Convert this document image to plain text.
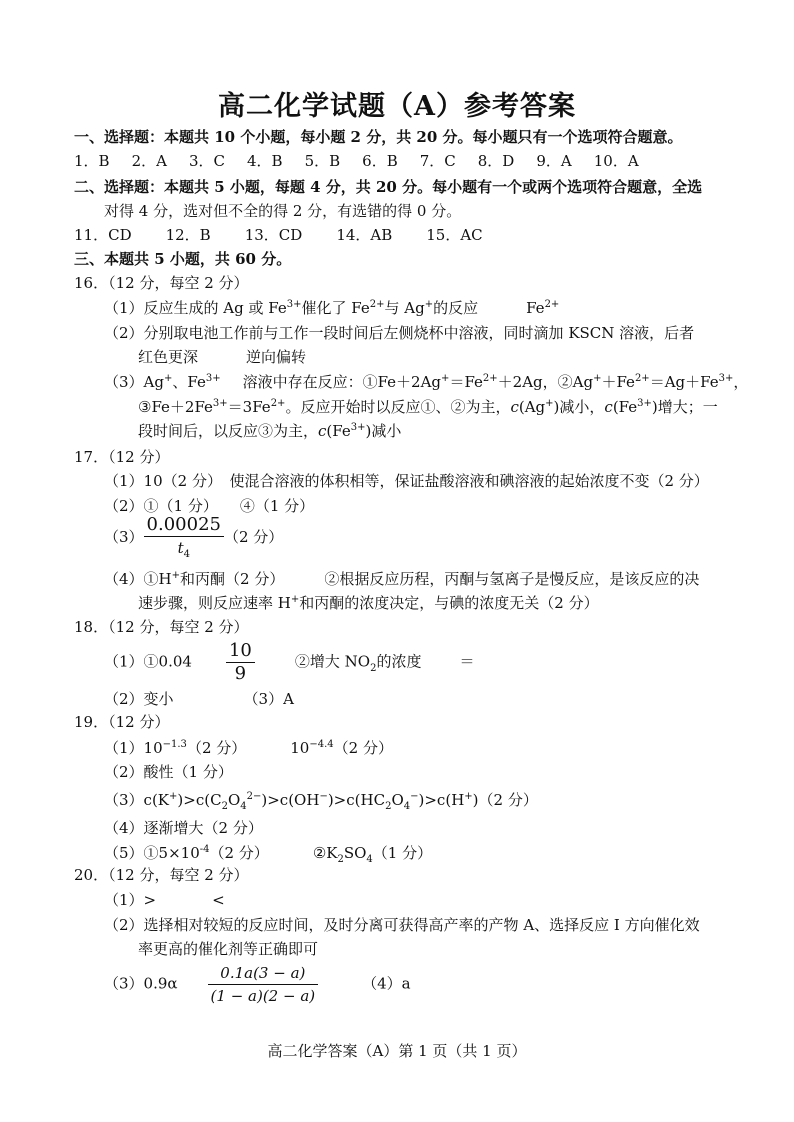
高二化学试题（A）参考答案
一、选择题：本题共 10 个小题，每小题 2 分，共 20 分。每小题只有一个选项符合题意。
1．B 2．A 3．C 4．B 5．B 6．B 7．C 8．D 9．A 10．A
二、选择题：本题共 5 小题，每题 4 分，共 20 分。每小题有一个或两个选项符合题意，全选
对得 4 分，选对但不全的得 2 分，有选错的得 0 分。
11．CD 12．B 13．CD 14．AB 15．AC
三、本题共 5 小题，共 60 分。
16．（12 分，每空 2 分）
（1）反应生成的 Ag 或 $Fe^{3+}$催化了 $Fe^{2+}$与 Ag+的反应	$Fe^{2+}$
（2）分别取电池工作前与工作一段时间后左侧烧杯中溶液，同时滴加 KSCN 溶液，后者
红色更深	逆向偏转
（3）Ag+、$Fe^{3+}$ 溶液中存在反应：$①Fe+2Ag^+=Fe^{2+}+2Ag$，$②Ag^++Fe^{2+}=Ag+Fe^{3+}$，
$③Fe+2Fe^{3+}=3Fe^{2+}$。反应开始时以反应①、②为主，c(Ag+)减小，$c(Fe^{3+})$增大；一
段时间后，以反应③为主，$c(Fe^{3+})$减小
17．（12 分）
（1）10（2 分）　使混合溶液的体积相等，保证盐酸溶液和碘溶液的起始浓度不变（2 分）
（2）①（1 分） ④（1 分）
$(3) \frac{0.00025}{t_4} (2$ 分）
（4）①H+和丙酮（2 分）	②根据反应历程，丙酮与氢离子是慢反应，是该反应的决
速步骤，则反应速率 H+和丙酮的浓度决定，与碘的浓度无关（2 分）
18．（12 分，每空 2 分）
（1）①0.04 $\frac{10}{9}$	②增大 $NO_2$的浓度	＝
（2）变小	（3）A
19．（12 分）
$(1)10^{-1.3}(2$ 分）	$10^{-4.4}(2$ 分）
（2）酸性（1 分）
$(3)c(K^+)>c(C_2O_4^{2-})>c(OH^-)>c(HC_2O_4^-)>c(H^+)(2$ 分）
（4）逐渐增大（2 分）
$(5)①5\times 10^{-4}(2$ 分）	$②K_2SO_4(1$ 分）
20．（12 分，每空 2 分）
（1）>	<
（2）选择相对较短的反应时间，及时分离可获得高产率的产物 A、选择反应 I 方向催化效
率更高的催化剂等正确即可
$(3)0.9\alpha \frac{0.1a(3 - a)}{(1 - a)(2 - a)}$	（4）a
高二化学答案（A）第 1 页（共 1 页）
